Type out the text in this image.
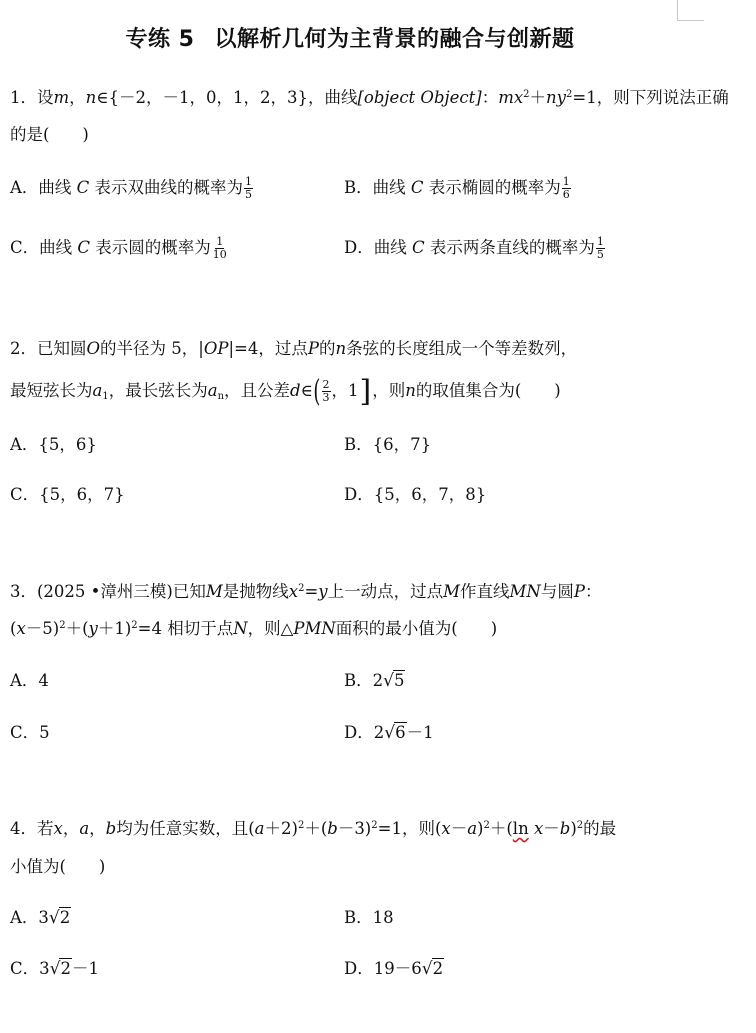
专练 5 以解析几何为主背景的融合与创新题
1．设m，n∈{－2，－1，0，1，2，3}，曲线[object Object]：$mx^2+ny^2=1$，则下列说法正确
的是(　　)
A．曲线 C 表示双曲线的概率为 $\frac{1}{5}$	B．曲线 C 表示椭圆的概率为 $\frac{1}{6}$
C．曲线 C 表示圆的概率为 $\frac{1}{10}$	D．曲线 C 表示两条直线的概率为 $\frac{1}{5}$
2．已知圆O的半径为 5，|OP|=4，过点P的n条弦的长度组成一个等差数列，
最短弦长为$a_1$，最长弦长为$a_n$，且公差d∈( $\frac{2}{3}$ ，1]，则n的取值集合为(　　)
A．{5，6}	B．{6，7}
C．{5，6，7}	D．{5，6，7，8}
3．(2025 •漳州三模)已知M是抛物线$x^2=y$上一动点，过点M作直线MN与圆P：
$(x-5)^2+(y+1)^2=4$ 相切于点N，则△PMN面积的最小值为(　　)
A．4	B．2√5
C．5	D．2√6－1
4．若x，a，b均为任意实数，且$(a+2)^2+(b-3)^2=1$，则$(x-a)^2+(\ln$ x－b)$^2$的最
小值为(　　)
A．3√2	B．18
C．3√2－1	D．19－6√2
